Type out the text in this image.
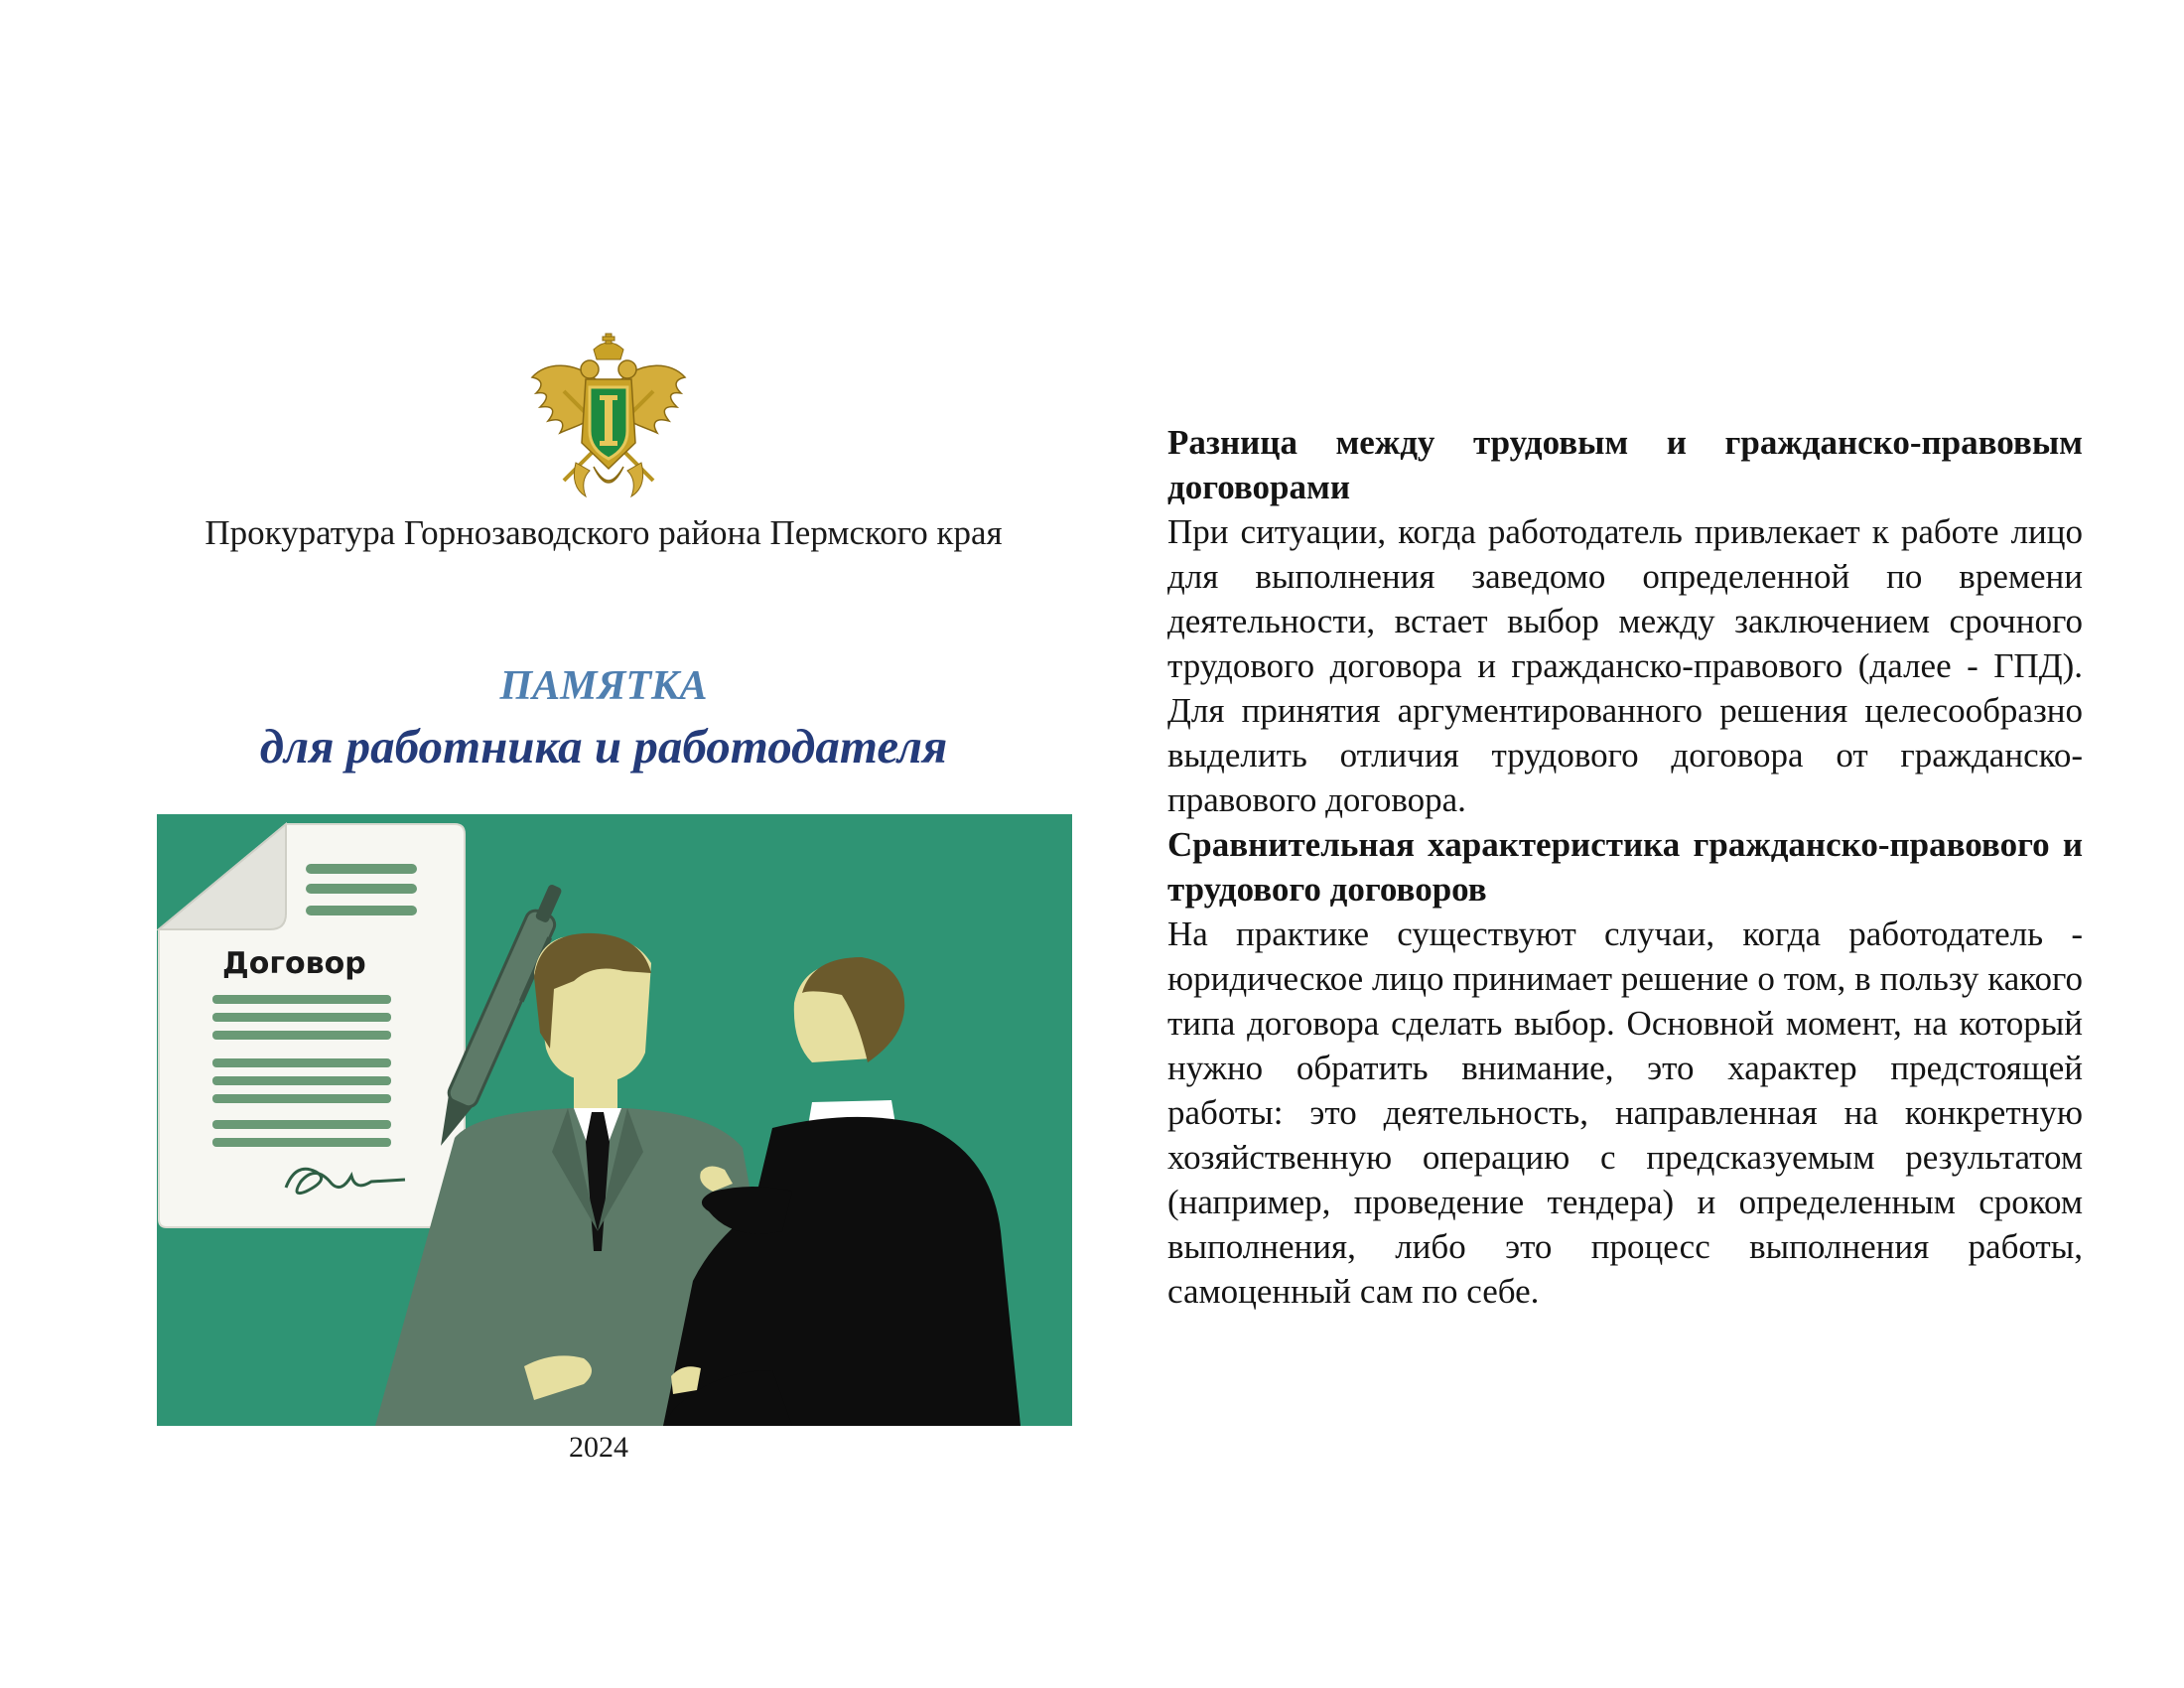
Прокуратура Горнозаводского района Пермского края
ПАМЯТКА
для работника и работодателя
Договор
2024

Разница между трудовым и гражданско-правовым договорами

При ситуации, когда работодатель привлекает к работе лицо для выполнения заведомо определенной по времени деятельности, встает выбор между заключением срочного трудового договора и гражданско-правового (далее - ГПД). Для принятия аргументированного решения целесообразно выделить отличия трудового договора от гражданско-правового договора.

Сравнительная характеристика гражданско-правового и трудового договоров

На практике существуют случаи, когда работодатель - юридическое лицо принимает решение о том, в пользу какого типа договора сделать выбор. Основной момент, на который нужно обратить внимание, это характер предстоящей работы: это деятельность, направленная на конкретную хозяйственную операцию с предсказуемым результатом (например, проведение тендера) и определенным сроком выполнения, либо это процесс выполнения работы, самоценный сам по себе.
